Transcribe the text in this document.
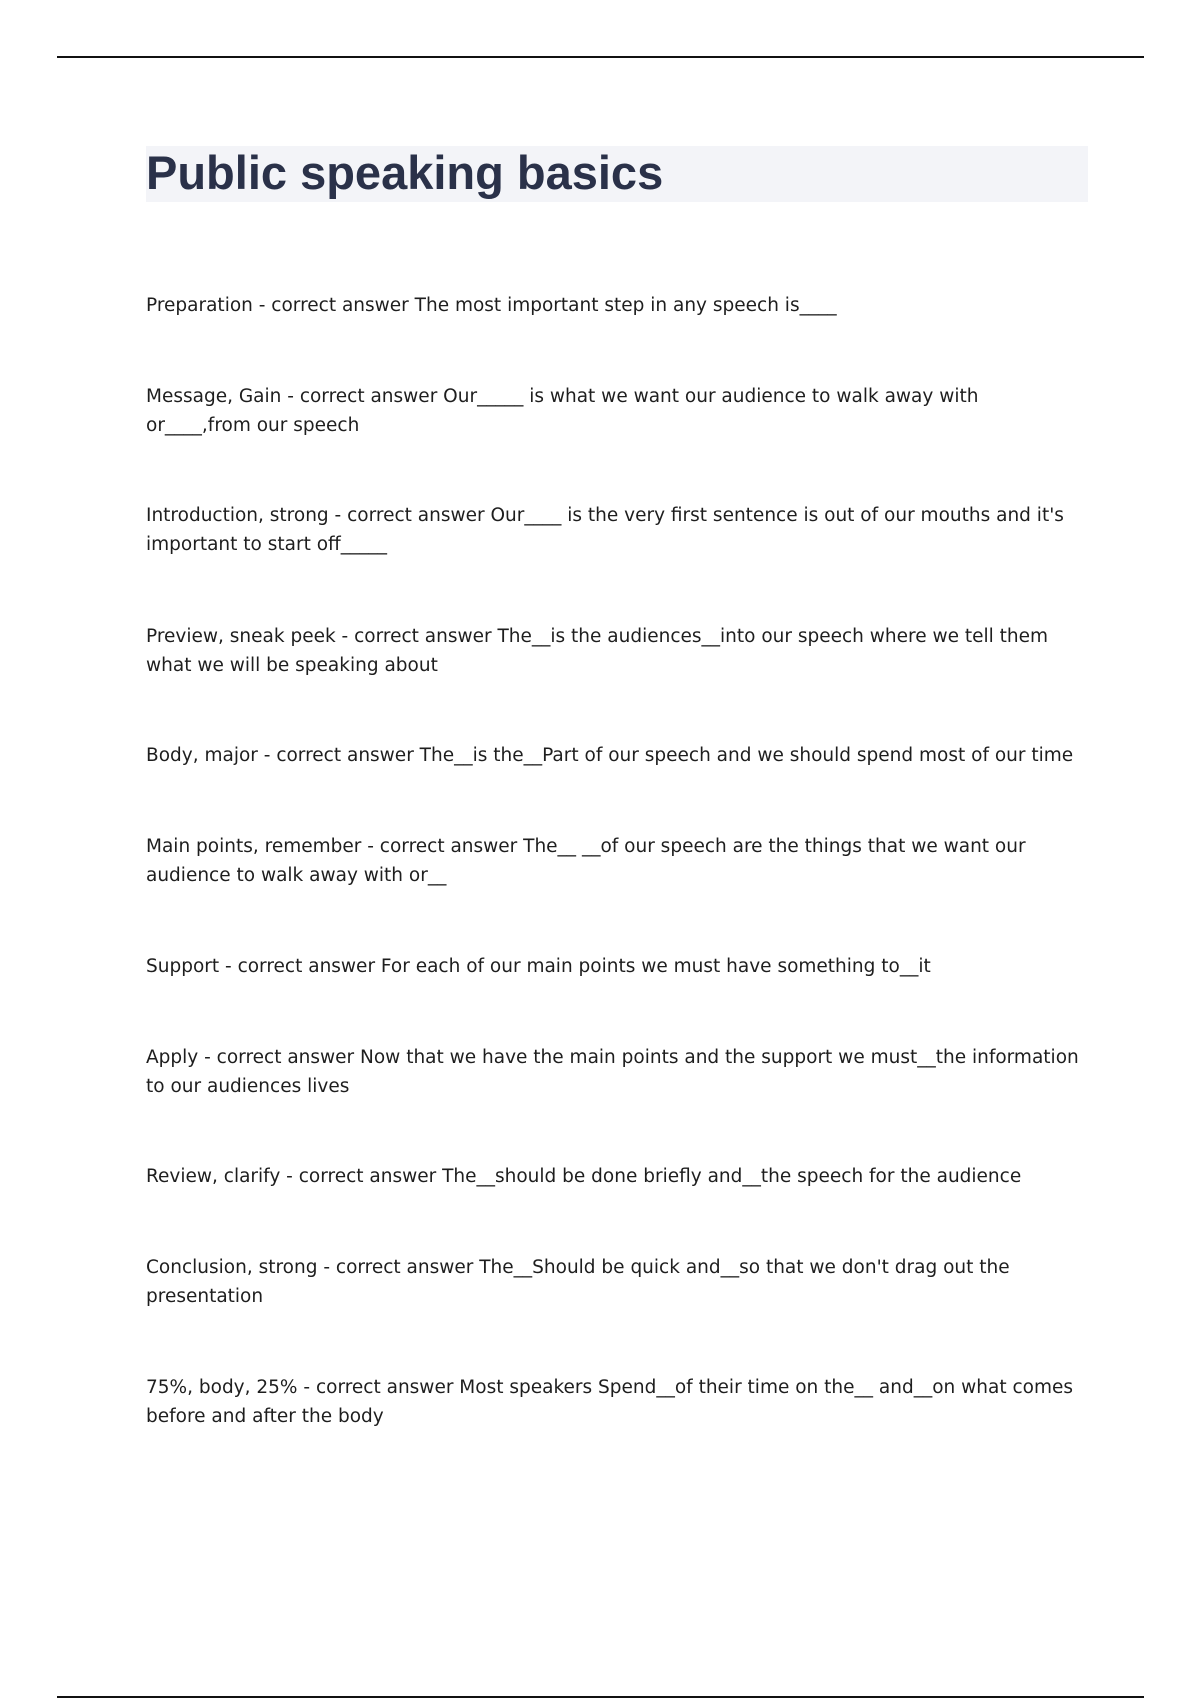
Public speaking basics

Preparation - correct answer The most important step in any speech is____

Message, Gain - correct answer Our_____ is what we want our audience to walk away with or____,from our speech

Introduction, strong - correct answer Our____ is the very first sentence is out of our mouths and it's important to start off_____

Preview, sneak peek - correct answer The__is the audiences__into our speech where we tell them what we will be speaking about

Body, major - correct answer The__is the__Part of our speech and we should spend most of our time

Main points, remember - correct answer The__ __of our speech are the things that we want our audience to walk away with or__

Support - correct answer For each of our main points we must have something to__it

Apply - correct answer Now that we have the main points and the support we must__the information to our audiences lives

Review, clarify - correct answer The__should be done briefly and__the speech for the audience

Conclusion, strong - correct answer The__Should be quick and__so that we don't drag out the presentation

75%, body, 25% - correct answer Most speakers Spend__of their time on the__ and__on what comes before and after the body
